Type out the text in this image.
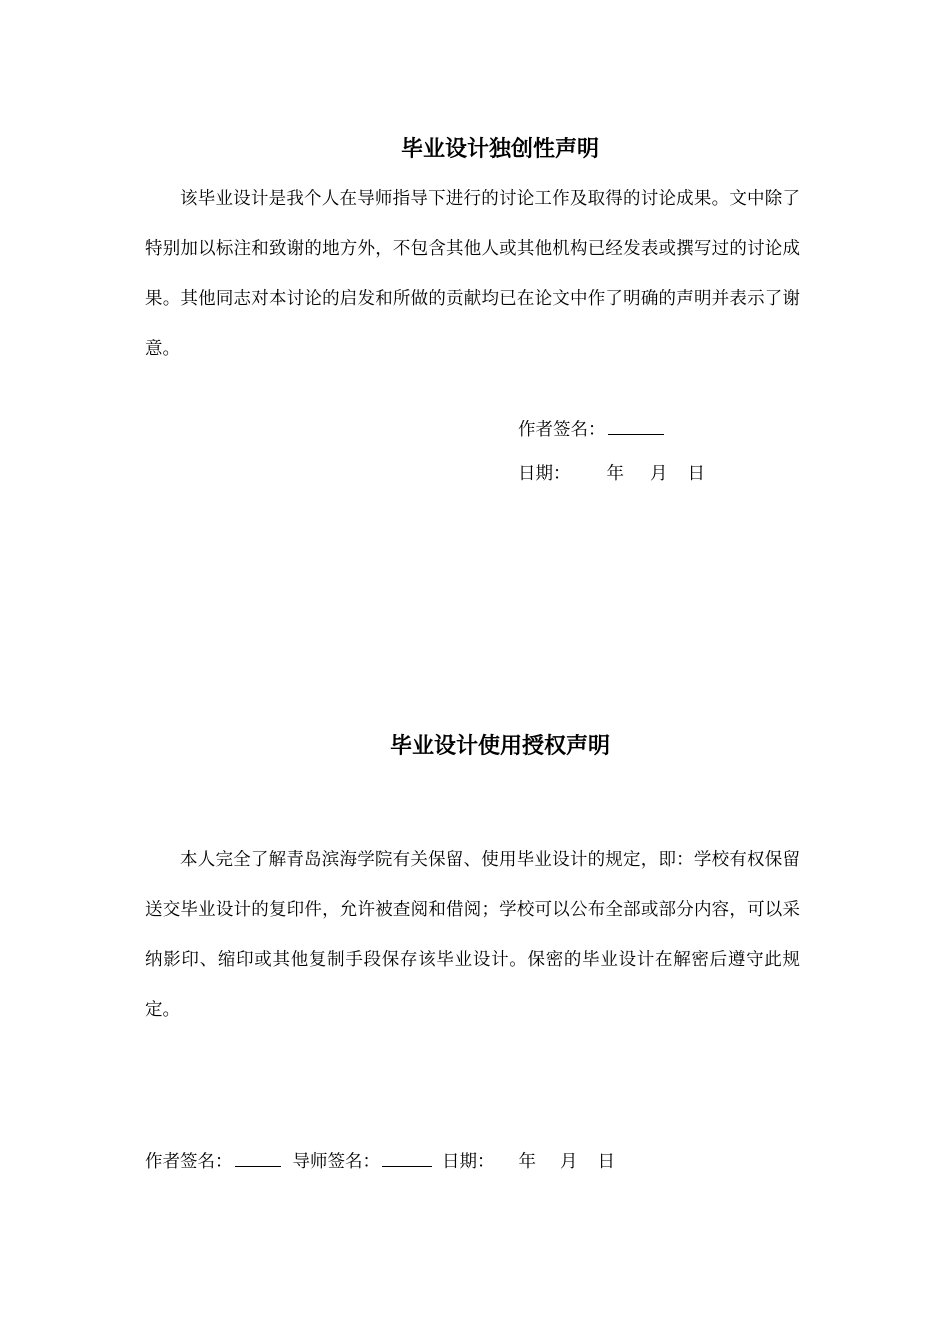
毕业设计独创性声明

该毕业设计是我个人在导师指导下进行的讨论工作及取得的讨论成果。文中除了特别加以标注和致谢的地方外，不包含其他人或其他机构已经发表或撰写过的讨论成果。其他同志对本讨论的启发和所做的贡献均已在论文中作了明确的声明并表示了谢意。

作者签名：
日期： 年 月 日
毕业设计使用授权声明

本人完全了解青岛滨海学院有关保留、使用毕业设计的规定，即：学校有权保留送交毕业设计的复印件，允许被查阅和借阅；学校可以公布全部或部分内容，可以采纳影印、缩印或其他复制手段保存该毕业设计。保密的毕业设计在解密后遵守此规定。

作者签名：	导师签名：	日期： 年 月 日
